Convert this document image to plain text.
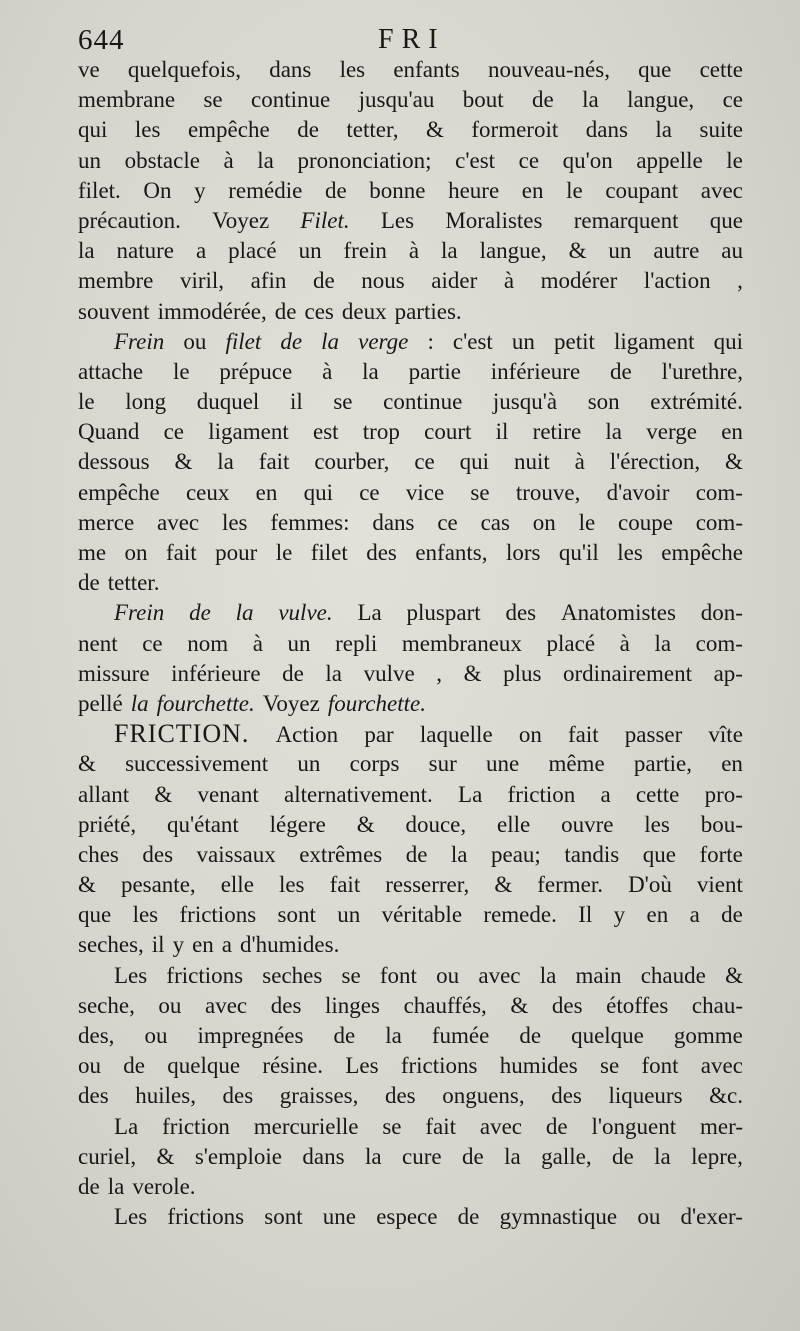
644	FRI
ve quelquefois, dans les enfants nouveau-nés, que cette
membrane se continue jusqu'au bout de la langue, ce
qui les empêche de tetter, & formeroit dans la suite
un obstacle à la prononciation; c'est ce qu'on appelle le
filet. On y remédie de bonne heure en le coupant avec
précaution. Voyez Filet. Les Moralistes remarquent que
la nature a placé un frein à la langue, & un autre au
membre viril, afin de nous aider à modérer l'action ,
souvent immodérée, de ces deux parties.
Frein ou filet de la verge : c'est un petit ligament qui
attache le prépuce à la partie inférieure de l'urethre,
le long duquel il se continue jusqu'à son extrémité.
Quand ce ligament est trop court il retire la verge en
dessous & la fait courber, ce qui nuit à l'érection, &
empêche ceux en qui ce vice se trouve, d'avoir com-
merce avec les femmes: dans ce cas on le coupe com-
me on fait pour le filet des enfants, lors qu'il les empêche
de tetter.
Frein de la vulve. La pluspart des Anatomistes don-
nent ce nom à un repli membraneux placé à la com-
missure inférieure de la vulve , & plus ordinairement ap-
pellé la fourchette. Voyez fourchette.
FRICTION. Action par laquelle on fait passer vîte
& successivement un corps sur une même partie, en
allant & venant alternativement. La friction a cette pro-
priété, qu'étant légere & douce, elle ouvre les bou-
ches des vaissaux extrêmes de la peau; tandis que forte
& pesante, elle les fait resserrer, & fermer. D'où vient
que les frictions sont un véritable remede. Il y en a de
seches, il y en a d'humides.
Les frictions seches se font ou avec la main chaude &
seche, ou avec des linges chauffés, & des étoffes chau-
des, ou impregnées de la fumée de quelque gomme
ou de quelque résine. Les frictions humides se font avec
des huiles, des graisses, des onguens, des liqueurs &c.
La friction mercurielle se fait avec de l'onguent mer-
curiel, & s'emploie dans la cure de la galle, de la lepre,
de la verole.
Les frictions sont une espece de gymnastique ou d'exer-
